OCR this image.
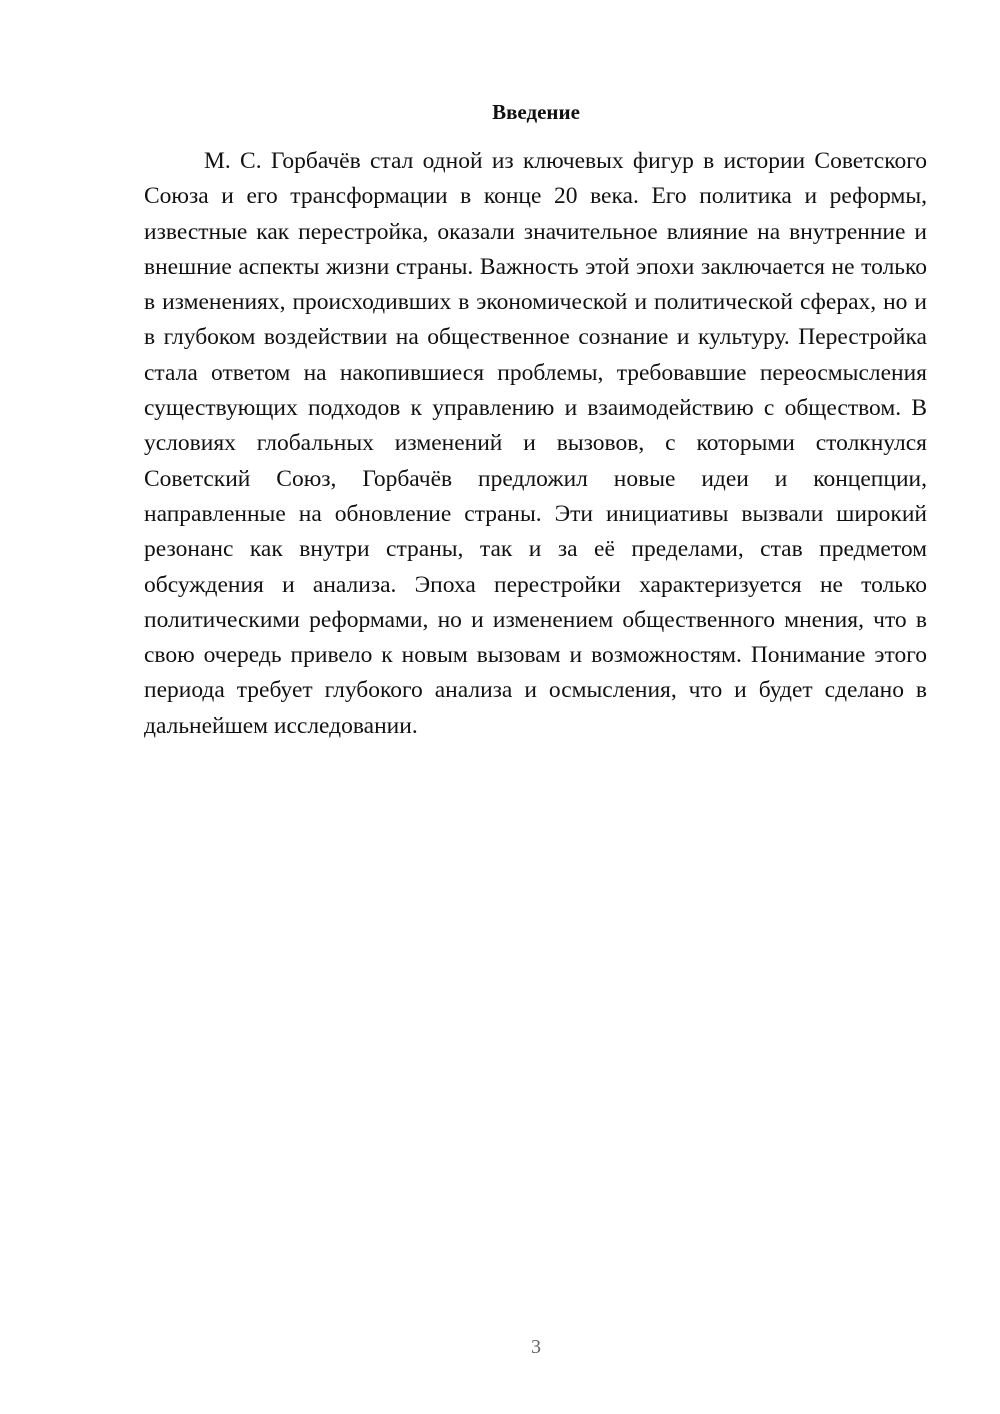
Введение

М. С. Горбачёв стал одной из ключевых фигур в истории Советского Союза и его трансформации в конце 20 века. Его политика и реформы, известные как перестройка, оказали значительное влияние на внутренние и внешние аспекты жизни страны. Важность этой эпохи заключается не только в изменениях, происходивших в экономической и политической сферах, но и в глубоком воздействии на общественное сознание и культуру. Перестройка стала ответом на накопившиеся проблемы, требовавшие переосмысления существующих подходов к управлению и взаимодействию с обществом. В условиях глобальных изменений и вызовов, с которыми столкнулся Советский Союз, Горбачёв предложил новые идеи и концепции, направленные на обновление страны. Эти инициативы вызвали широкий резонанс как внутри страны, так и за её пределами, став предметом обсуждения и анализа. Эпоха перестройки характеризуется не только политическими реформами, но и изменением общественного мнения, что в свою очередь привело к новым вызовам и возможностям. Понимание этого периода требует глубокого анализа и осмысления, что и будет сделано в дальнейшем исследовании.

3
